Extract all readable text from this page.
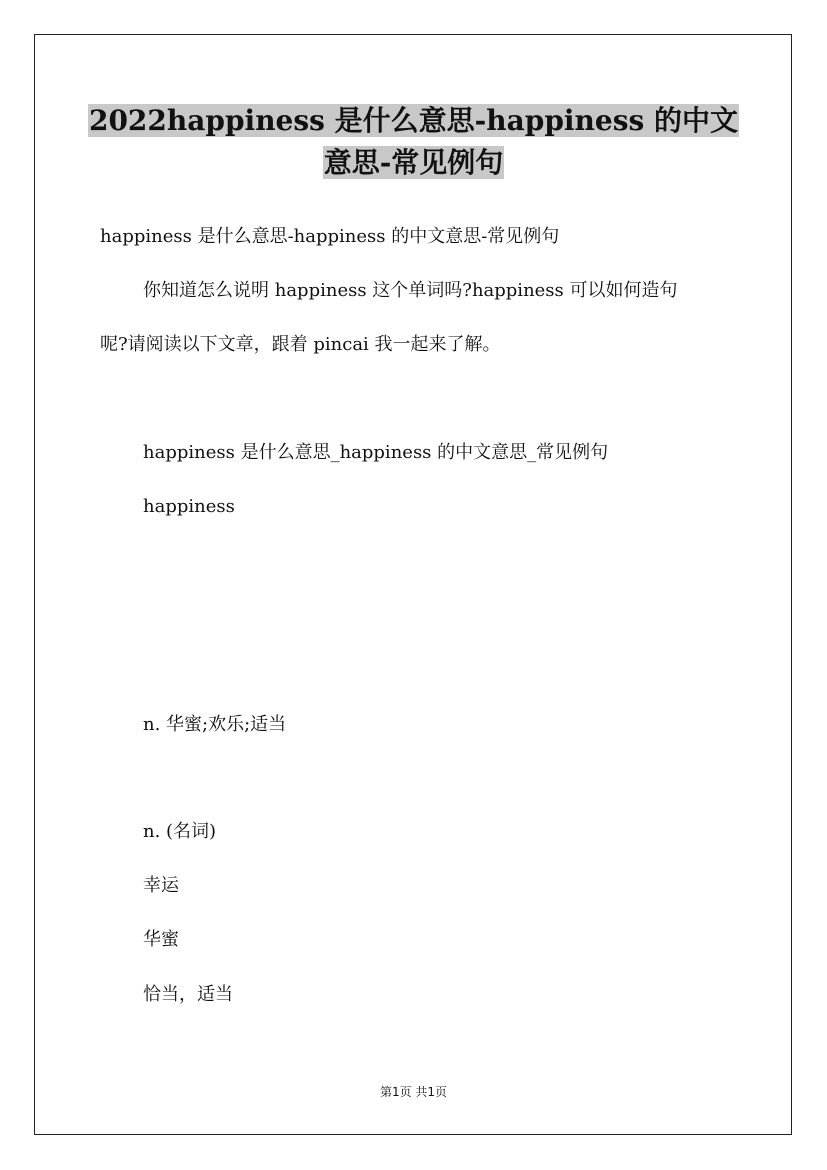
2022happiness 是什么意思-happiness 的中文
意思-常见例句

happiness 是什么意思-happiness 的中文意思-常见例句

你知道怎么说明 happiness 这个单词吗?happiness 可以如何造句

呢?请阅读以下文章，跟着 pincai 我一起来了解。

happiness 是什么意思_happiness 的中文意思_常见例句

happiness

n. 华蜜;欢乐;适当

n. (名词)

幸运

华蜜

恰当，适当

第1页 共1页
